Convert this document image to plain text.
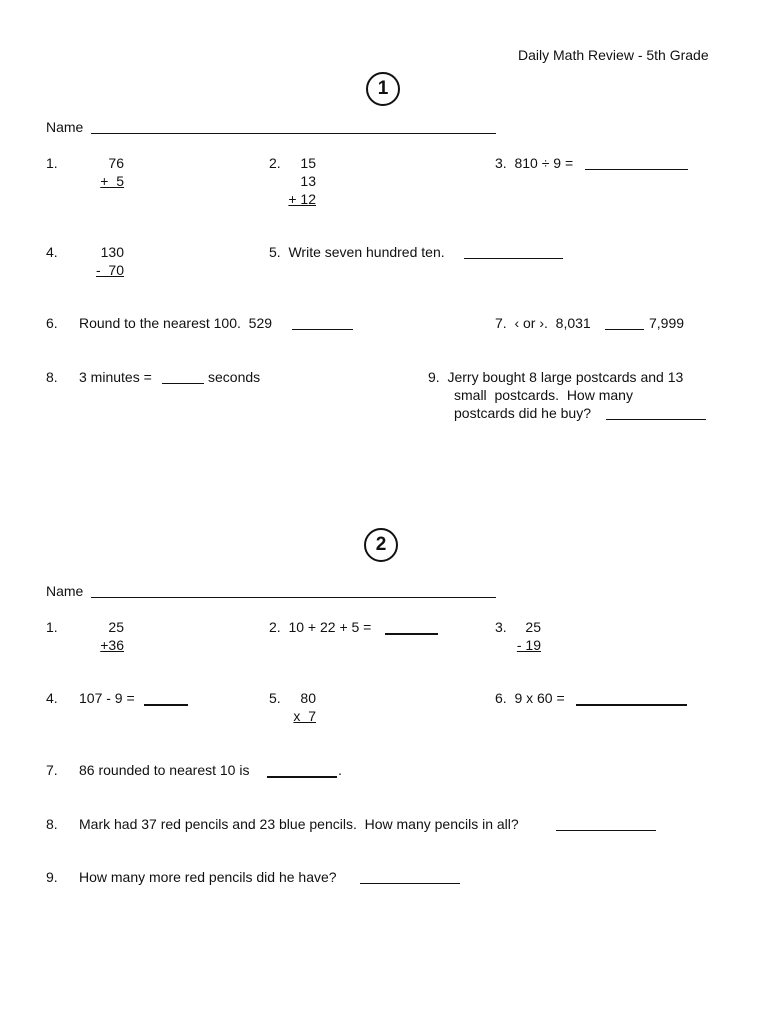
Daily Math Review - 5th Grade
1
Name
1.	76
+  5
2.	15
13
+ 12
3.  810 ÷ 9 =
4.	130
-  70
5.  Write seven hundred ten.
6. Round to the nearest 100.  529	7.  ‹ or ›.  8,031	7,999
8. 3 minutes =	seconds	9.  Jerry bought 8 large postcards and 13
small  postcards.  How many
postcards did he buy?
2
Name
1.	25
+36
2.  10 + 22 + 5 =	3.	25
- 19
4. 107 - 9 =	5.	80
x  7
6.  9 x 60 =
7. 86 rounded to nearest 10 is	.
8. Mark had 37 red pencils and 23 blue pencils.  How many pencils in all?
9. How many more red pencils did he have?
